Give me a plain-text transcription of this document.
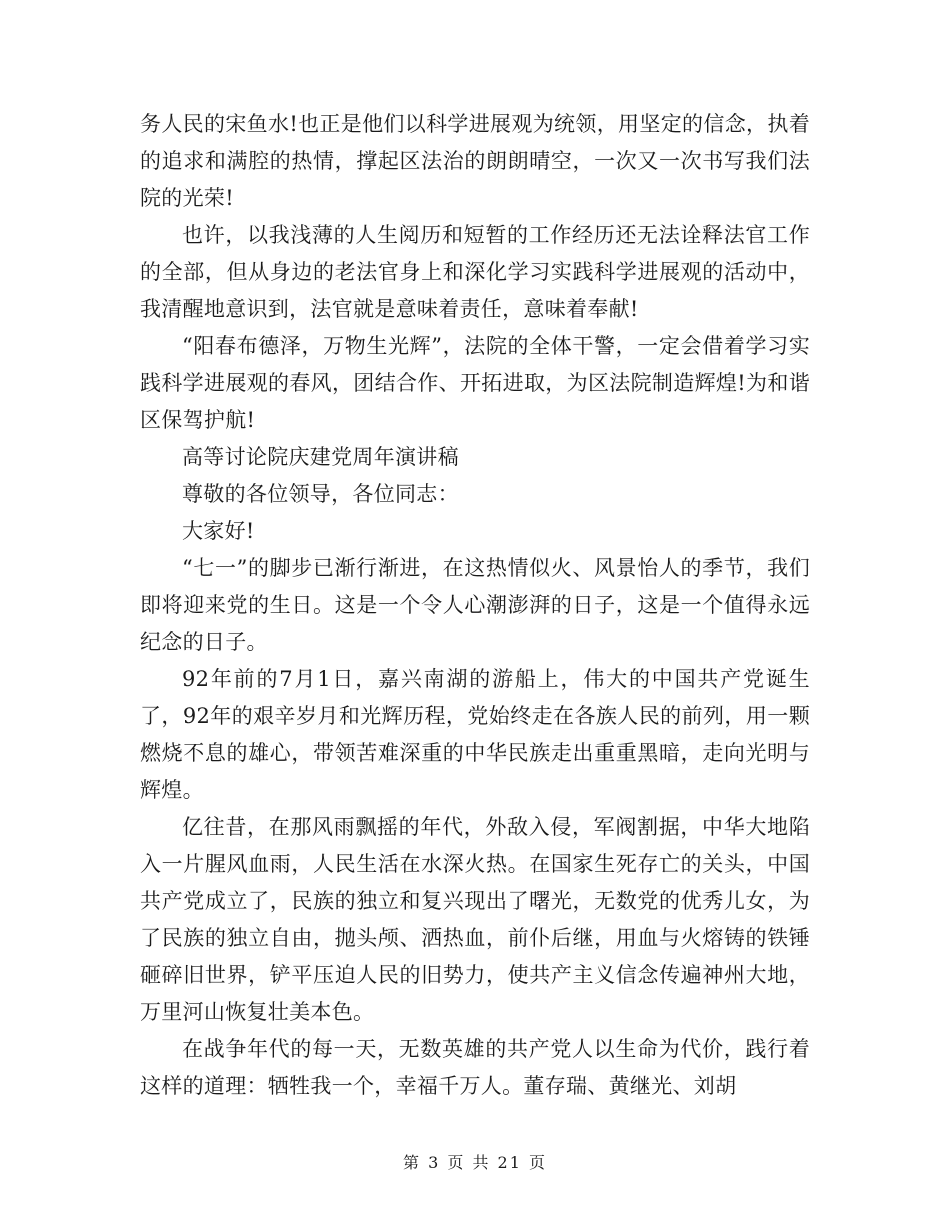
务人民的宋鱼水!也正是他们以科学进展观为统领，用坚定的信念，执着的追求和满腔的热情，撑起区法治的朗朗晴空，一次又一次书写我们法院的光荣!

也许，以我浅薄的人生阅历和短暂的工作经历还无法诠释法官工作的全部，但从身边的老法官身上和深化学习实践科学进展观的活动中，我清醒地意识到，法官就是意味着责任，意味着奉献!

“阳春布德泽，万物生光辉”，法院的全体干警，一定会借着学习实践科学进展观的春风，团结合作、开拓进取，为区法院制造辉煌!为和谐区保驾护航!

高等讨论院庆建党周年演讲稿

尊敬的各位领导，各位同志：

大家好!

“七一”的脚步已渐行渐进，在这热情似火、风景怡人的季节，我们即将迎来党的生日。这是一个令人心潮澎湃的日子，这是一个值得永远纪念的日子。

92年前的7月1日，嘉兴南湖的游船上，伟大的中国共产党诞生了，92年的艰辛岁月和光辉历程，党始终走在各族人民的前列，用一颗燃烧不息的雄心，带领苦难深重的中华民族走出重重黑暗，走向光明与辉煌。

亿往昔，在那风雨飘摇的年代，外敌入侵，军阀割据，中华大地陷入一片腥风血雨，人民生活在水深火热。在国家生死存亡的关头，中国共产党成立了，民族的独立和复兴现出了曙光，无数党的优秀儿女，为了民族的独立自由，抛头颅、洒热血，前仆后继，用血与火熔铸的铁锤砸碎旧世界，铲平压迫人民的旧势力，使共产主义信念传遍神州大地，万里河山恢复壮美本色。

在战争年代的每一天，无数英雄的共产党人以生命为代价，践行着这样的道理：牺牲我一个，幸福千万人。董存瑞、黄继光、刘胡

第 3 页 共 21 页
